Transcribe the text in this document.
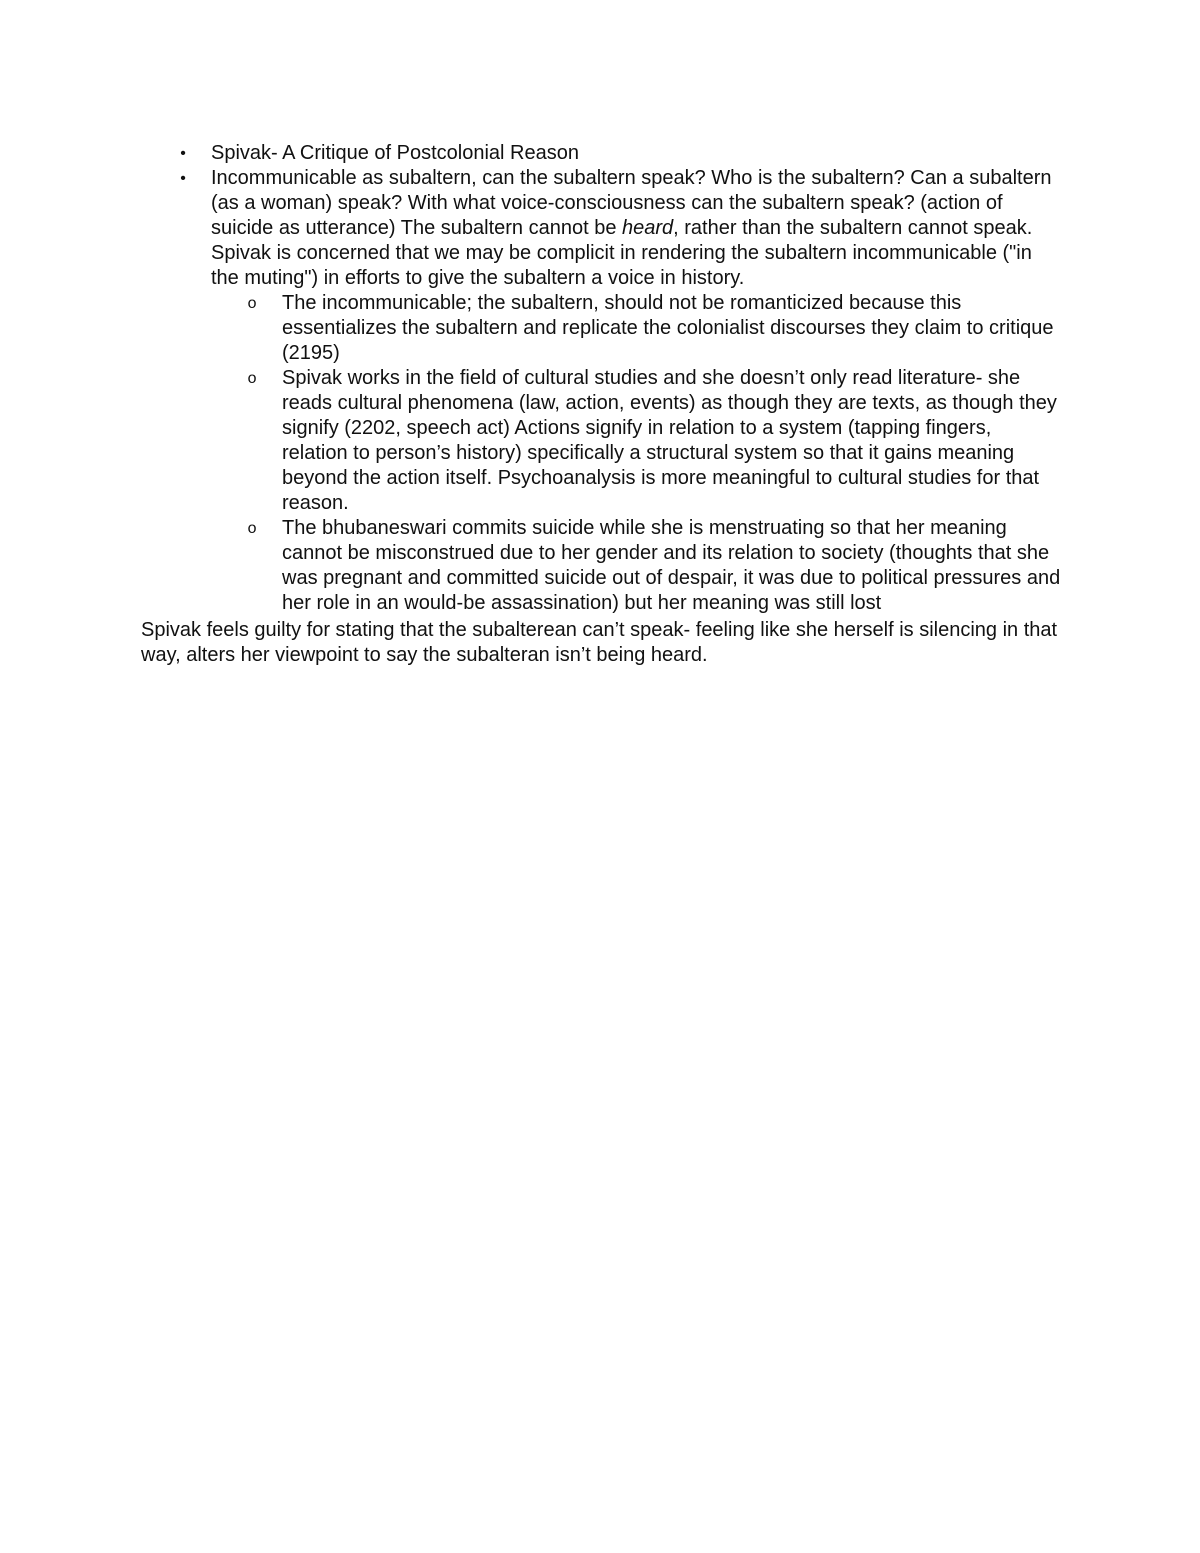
• Spivak- A Critique of Postcolonial Reason
• Incommunicable as subaltern, can the subaltern speak? Who is the subaltern? Can a subaltern (as a woman) speak? With what voice-consciousness can the subaltern speak? (action of suicide as utterance) The subaltern cannot be heard, rather than the subaltern cannot speak. Spivak is concerned that we may be complicit in rendering the subaltern incommunicable ("in the muting") in efforts to give the subaltern a voice in history.
o The incommunicable; the subaltern, should not be romanticized because this essentializes the subaltern and replicate the colonialist discourses they claim to critique (2195)
o Spivak works in the field of cultural studies and she doesn’t only read literature- she reads cultural phenomena (law, action, events) as though they are texts, as though they signify (2202, speech act) Actions signify in relation to a system (tapping fingers, relation to person’s history) specifically a structural system so that it gains meaning beyond the action itself. Psychoanalysis is more meaningful to cultural studies for that reason.
o The bhubaneswari commits suicide while she is menstruating so that her meaning cannot be misconstrued due to her gender and its relation to society (thoughts that she was pregnant and committed suicide out of despair, it was due to political pressures and her role in an would-be assassination) but her meaning was still lost

Spivak feels guilty for stating that the subalterean can’t speak- feeling like she herself is silencing in that way, alters her viewpoint to say the subalteran isn’t being heard.
